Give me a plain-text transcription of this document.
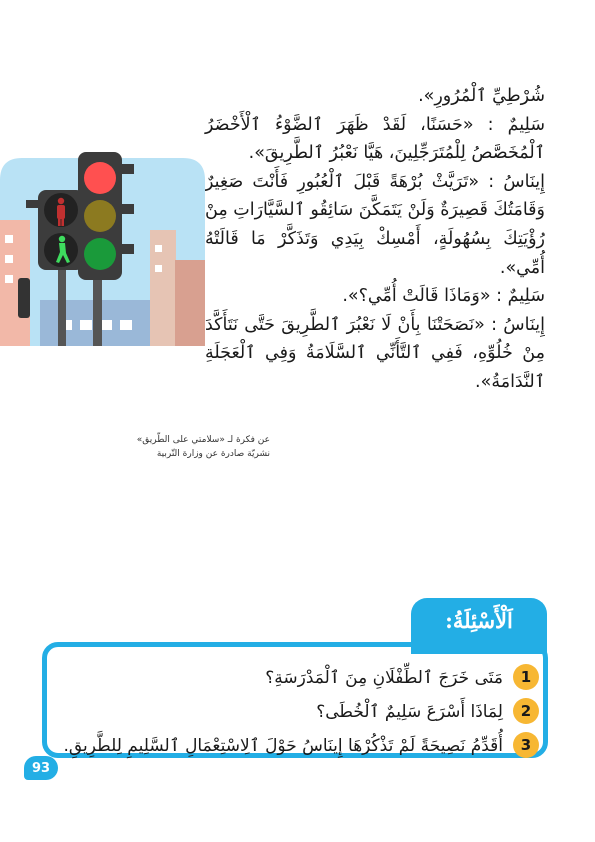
شُرْطِيِّ ٱلْمُرُورِ».

سَلِيمٌ : «حَسَنًا، لَقَدْ ظَهَرَ ٱلضَّوْءُ ٱلْأَخْضَرُ ٱلْمُخَصَّصُ لِلْمُتَرَجِّلِينَ، هَيَّا نَعْبُرُ ٱلطَّرِيقَ».

إِينَاسُ : «تَرَيَّثْ بُرْهَةً قَبْلَ ٱلْعُبُورِ فَأَنْتَ صَغِيرٌ وَقَامَتُكَ قَصِيرَةٌ وَلَنْ يَتَمَكَّنَ سَائِقُو ٱلسَّيَّارَاتِ مِنْ رُؤْيَتِكَ بِسُهُولَةٍ، أَمْسِكْ بِيَدِي وَتَذَكَّرْ مَا قَالَتْهُ أُمِّي».

سَلِيمٌ : «وَمَاذَا قَالَتْ أُمِّي؟».

إِينَاسُ : «نَصَحَتْنَا بِأَنْ لَا نَعْبُرَ ٱلطَّرِيقَ حَتَّى نَتَأَكَّدَ مِنْ خُلُوِّهِ، فَفِي ٱلتَّأَنِّي ٱلسَّلَامَةُ وَفِي ٱلْعَجَلَةِ ٱلنَّدَامَةُ».

عن فكرة لـ «سلامتي على الطّريق»
نشريّة صادرة عن وزارة التّربية
اَلْأَسْئِلَةُ:
1
مَتَى خَرَجَ ٱلطِّفْلَانِ مِنَ ٱلْمَدْرَسَةِ؟
2
لِمَاذَا أَسْرَعَ سَلِيمٌ ٱلْخُطَى؟
3
أُقَدِّمُ نَصِيحَةً لَمْ تَذْكُرْهَا إِينَاسُ حَوْلَ ٱلِاسْتِعْمَالِ ٱلسَّلِيمِ لِلطَّرِيقِ.
93
